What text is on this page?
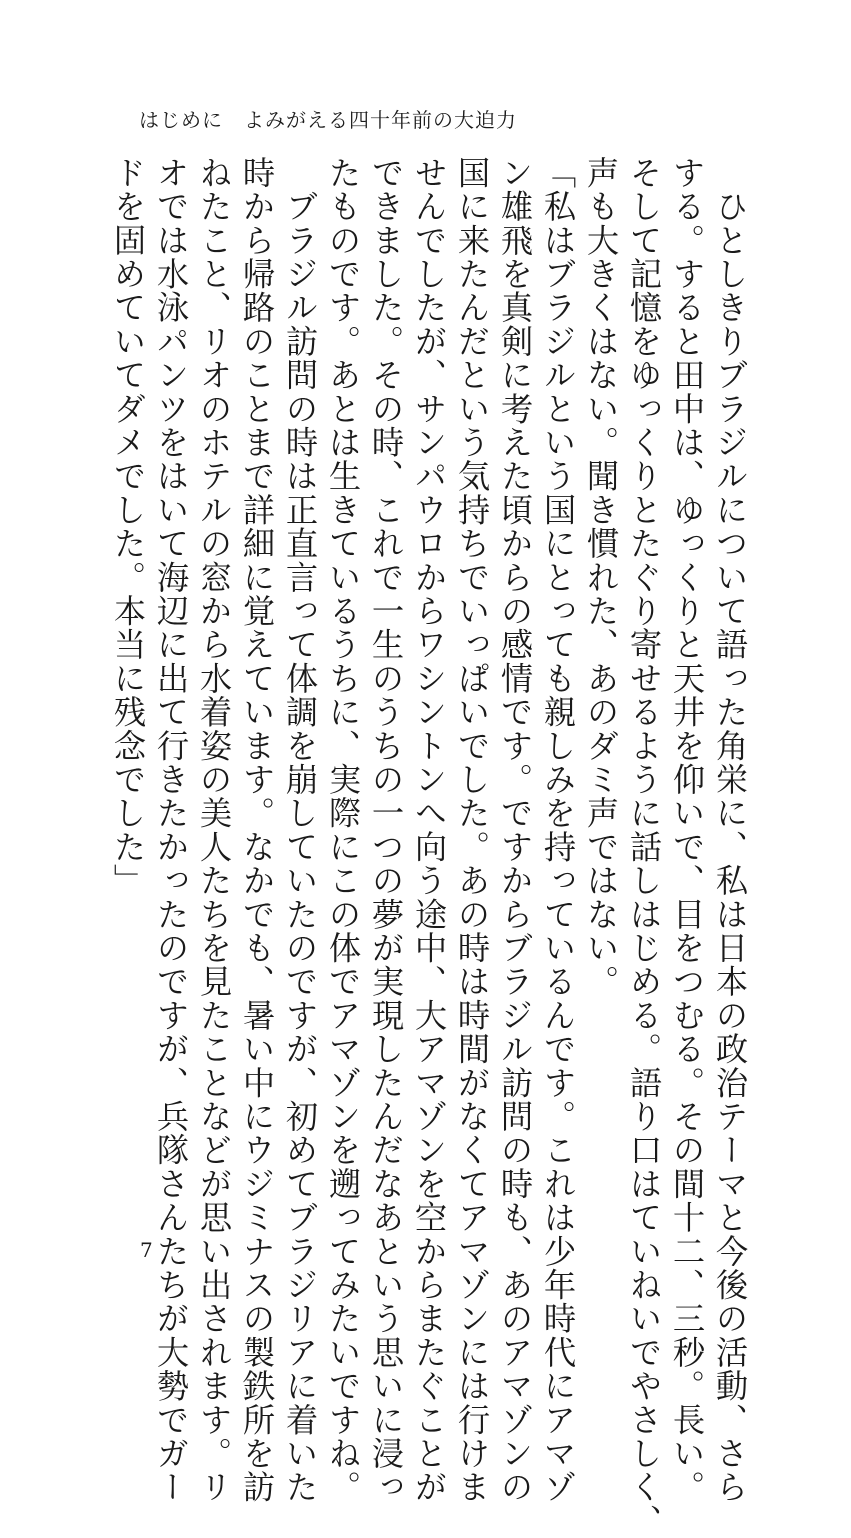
はじめに　よみがえる四十年前の大迫力

　ひとしきりブラジルについて語った角栄に、私は日本の政治テーマと今後の活動、さら

する。すると田中は、ゆっくりと天井を仰いで、目をつむる。その間十二、三秒。長い。

そして記憶をゆっくりとたぐり寄せるように話しはじめる。語り口はていねいでやさしく、

声も大きくはない。聞き慣れた、あのダミ声ではない。

「私はブラジルという国にとっても親しみを持っているんです。これは少年時代にアマゾ

ン雄飛を真剣に考えた頃からの感情です。ですからブラジル訪問の時も、あのアマゾンの

国に来たんだという気持ちでいっぱいでした。あの時は時間がなくてアマゾンには行けま

せんでしたが、サンパウロからワシントンへ向う途中、大アマゾンを空からまたぐことが

できました。その時、これで一生のうちの一つの夢が実現したんだなあという思いに浸っ

たものです。あとは生きているうちに、実際にこの体でアマゾンを遡ってみたいですね。

　ブラジル訪問の時は正直言って体調を崩していたのですが、初めてブラジリアに着いた

時から帰路のことまで詳細に覚えています。なかでも、暑い中にウジミナスの製鉄所を訪

ねたこと、リオのホテルの窓から水着姿の美人たちを見たことなどが思い出されます。リ

オでは水泳パンツをはいて海辺に出て行きたかったのですが、兵隊さんたちが大勢でガー

ドを固めていてダメでした。本当に残念でした」

7
